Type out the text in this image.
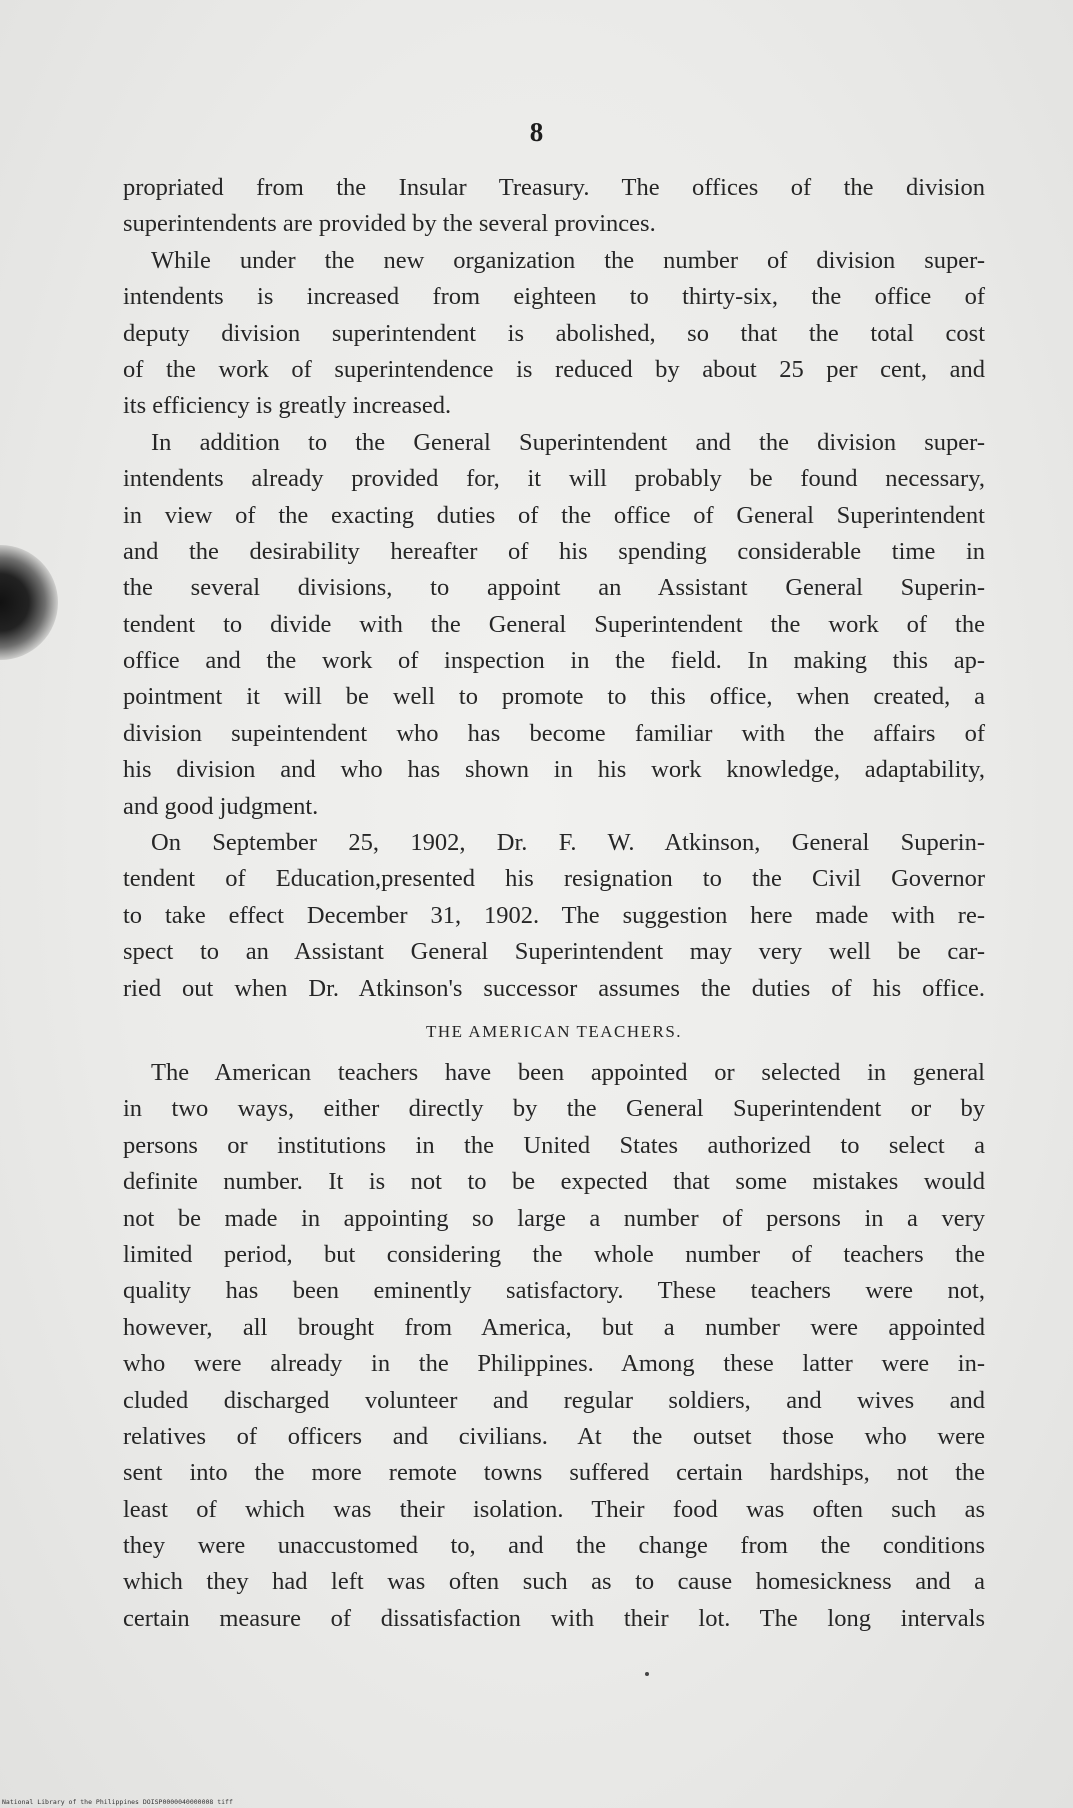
8
propriated from the Insular Treasury. The offices of the division
superintendents are provided by the several provinces.
While under the new organization the number of division super-
intendents is increased from eighteen to thirty-six, the office of
deputy division superintendent is abolished, so that the total cost
of the work of superintendence is reduced by about 25 per cent, and
its efficiency is greatly increased.
In addition to the General Superintendent and the division super-
intendents already provided for, it will probably be found necessary,
in view of the exacting duties of the office of General Superintendent
and the desirability hereafter of his spending considerable time in
the several divisions, to appoint an Assistant General Superin-
tendent to divide with the General Superintendent the work of the
office and the work of inspection in the field. In making this ap-
pointment it will be well to promote to this office, when created, a
division supeintendent who has become familiar with the affairs of
his division and who has shown in his work knowledge, adaptability,
and good judgment.
On September 25, 1902, Dr. F. W. Atkinson, General Superin-
tendent of Education,presented his resignation to the Civil Governor
to take effect December 31, 1902. The suggestion here made with re-
spect to an Assistant General Superintendent may very well be car-
ried out when Dr. Atkinson's successor assumes the duties of his office.
THE AMERICAN TEACHERS.
The American teachers have been appointed or selected in general
in two ways, either directly by the General Superintendent or by
persons or institutions in the United States authorized to select a
definite number. It is not to be expected that some mistakes would
not be made in appointing so large a number of persons in a very
limited period, but considering the whole number of teachers the
quality has been eminently satisfactory. These teachers were not,
however, all brought from America, but a number were appointed
who were already in the Philippines. Among these latter were in-
cluded discharged volunteer and regular soldiers, and wives and
relatives of officers and civilians. At the outset those who were
sent into the more remote towns suffered certain hardships, not the
least of which was their isolation. Their food was often such as
they were unaccustomed to, and the change from the conditions
which they had left was often such as to cause homesickness and a
certain measure of dissatisfaction with their lot. The long intervals
National Library of the Philippines DOISP0000040000008 tiff
